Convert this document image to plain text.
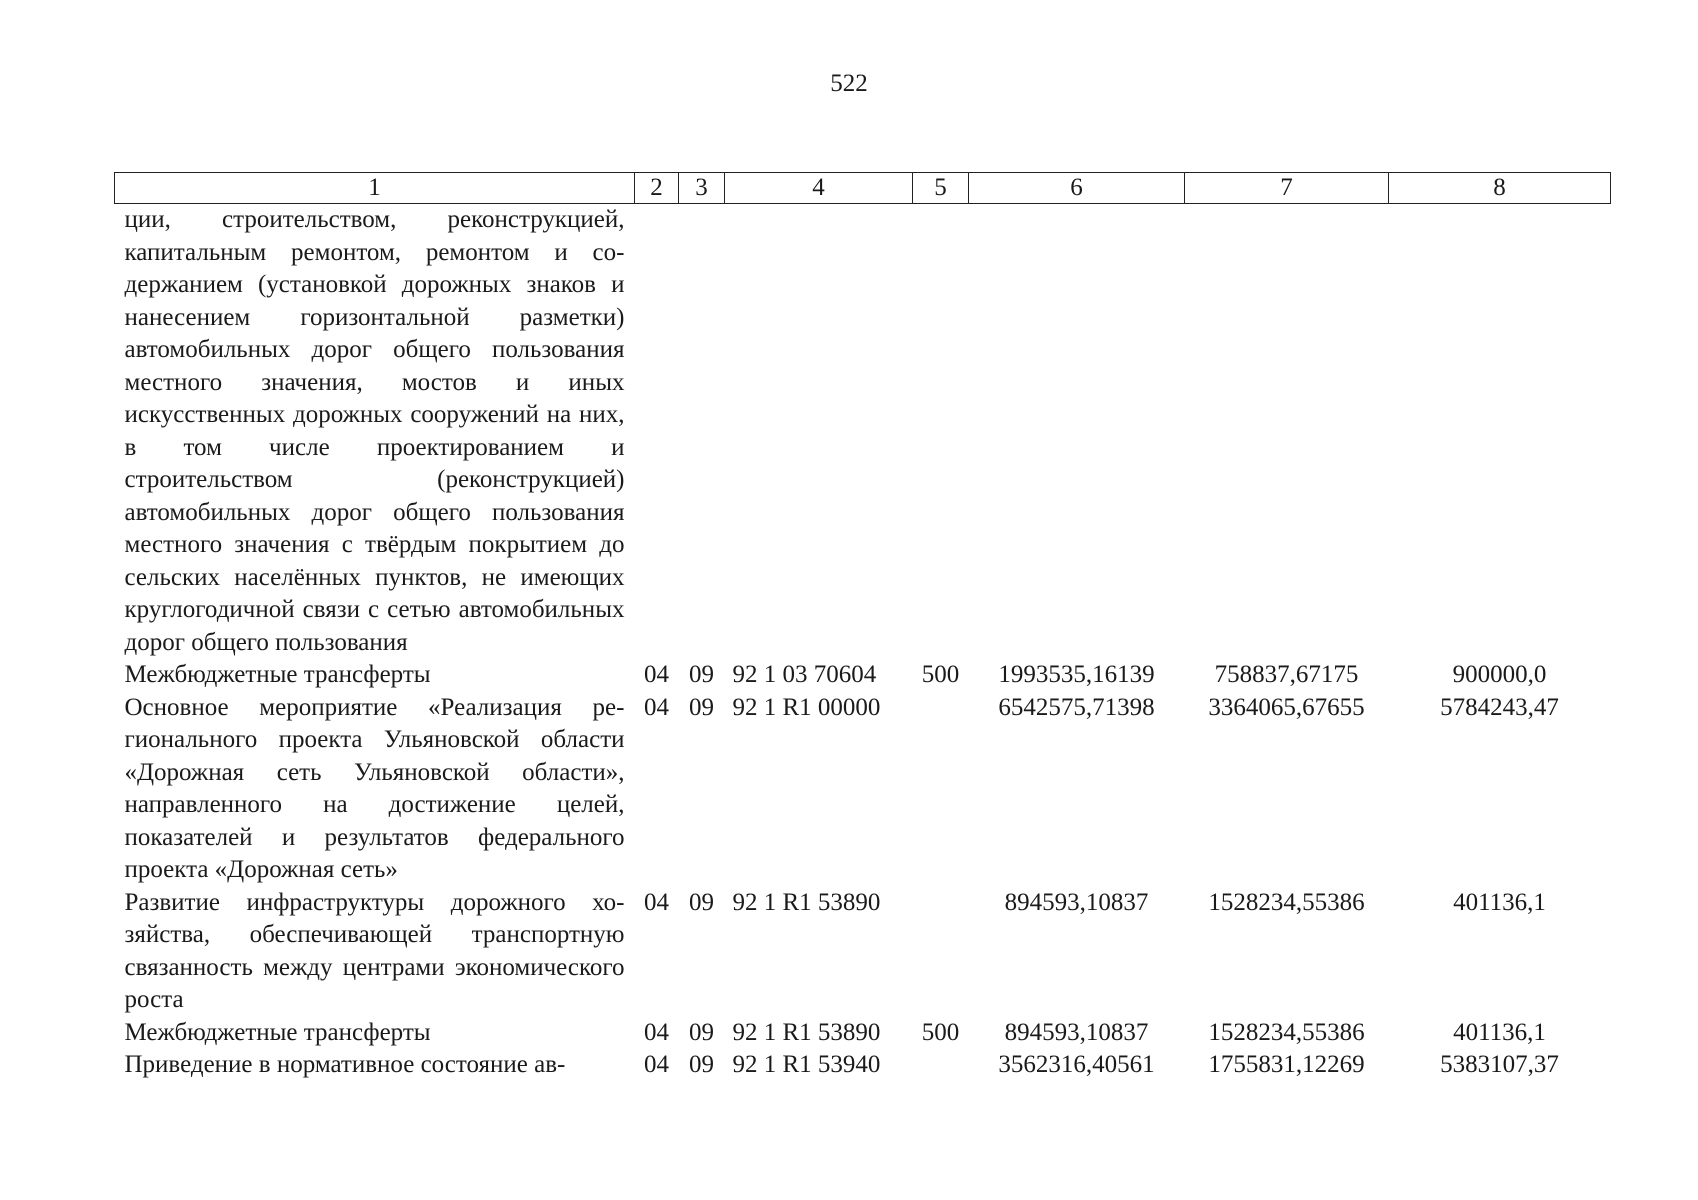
522
1	2	3	4	5	6	7	8
ции, строительством, реконструкцией, капитальным ремонтом, ремонтом и содержанием (установкой дорожных знаков и нанесением горизонтальной разметки) автомобильных дорог общего пользования местного значения, мостов и иных искусственных дорожных сооружений на них, в том числе проектированием и строительством (реконструкцией) автомобильных дорог общего пользования местного значения с твёрдым покрытием до сельских населённых пунктов, не имеющих круглогодичной связи с сетью автомобильных дорог общего пользования							
Межбюджетные трансферты	04	09	92 1 03 70604	500	1993535,16139	758837,67175	900000,0
Основное мероприятие «Реализация регионального проекта Ульяновской области «Дорожная сеть Ульяновской области», направленного на достижение целей, показателей и результатов федерального проекта «Дорожная сеть»	04	09	92 1 R1 00000		6542575,71398	3364065,67655	5784243,47
Развитие инфраструктуры дорожного хозяйства, обеспечивающей транспортную связанность между центрами экономического роста	04	09	92 1 R1 53890		894593,10837	1528234,55386	401136,1
Межбюджетные трансферты	04	09	92 1 R1 53890	500	894593,10837	1528234,55386	401136,1
Приведение в нормативное состояние ав-	04	09	92 1 R1 53940		3562316,40561	1755831,12269	5383107,37
